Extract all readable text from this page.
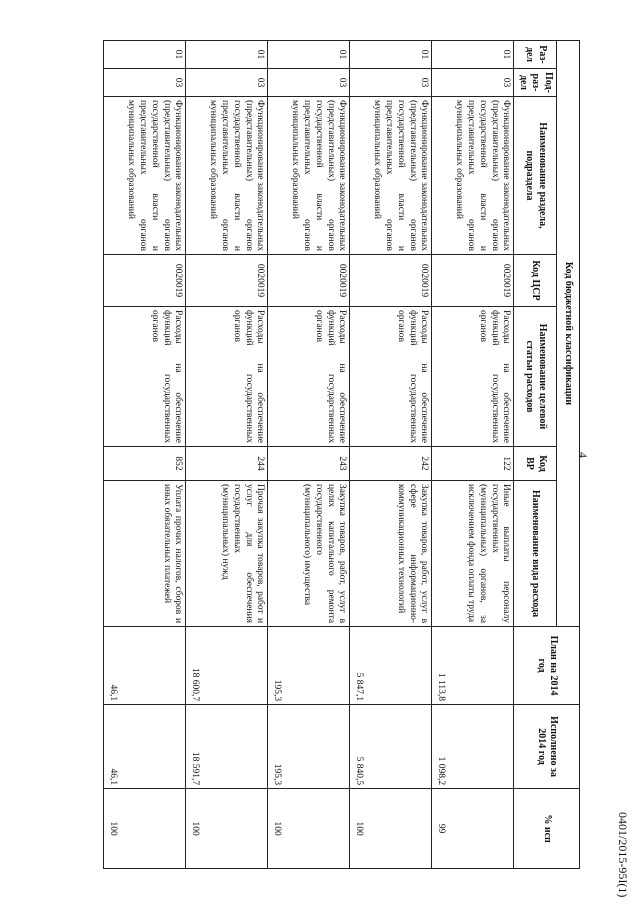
4
0401/2015-95I(1)
Код бюджетной классификации							План на 2014 год	Исполнено за 2014 год	% исп
Раз-дел	Под-раз-дел	Наименование раздела, подраздела	Код ЦСР	Наименование целевой статьи расходов	Код ВР	Наименование вида расхода			
01	03	Функционирование законодательных (представительных) органов государственной власти и представительных органов муниципальных образований	0020019	Расходы на обеспечение функций государственных органов	122	Иные выплаты персоналу государственных (муниципальных) органов, за исключением фонда оплаты труда	1 113,8	1 098,2	99
01	03	Функционирование законодательных (представительных) органов государственной власти и представительных органов муниципальных образований	0020019	Расходы на обеспечение функций государственных органов	242	Закупка товаров, работ, услуг в сфере информационно-коммуникационных технологий	5 847,1	5 840,5	100
01	03	Функционирование законодательных (представительных) органов государственной власти и представительных органов муниципальных образований	0020019	Расходы на обеспечение функций государственных органов	243	Закупка товаров, работ, услуг в целях капитального ремонта государственного (муниципального) имущества	195,3	195,3	100
01	03	Функционирование законодательных (представительных) органов государственной власти и представительных органов муниципальных образований	0020019	Расходы на обеспечение функций государственных органов	244	Прочая закупка товаров, работ и услуг для обеспечения государственных (муниципальных) нужд	18 600,7	18 591,7	100
01	03	Функционирование законодательных (представительных) органов государственной власти и представительных органов муниципальных образований	0020019	Расходы на обеспечение функций государственных органов	852	Уплата прочих налогов, сборов и иных обязательных платежей	46,1	46,1	100
